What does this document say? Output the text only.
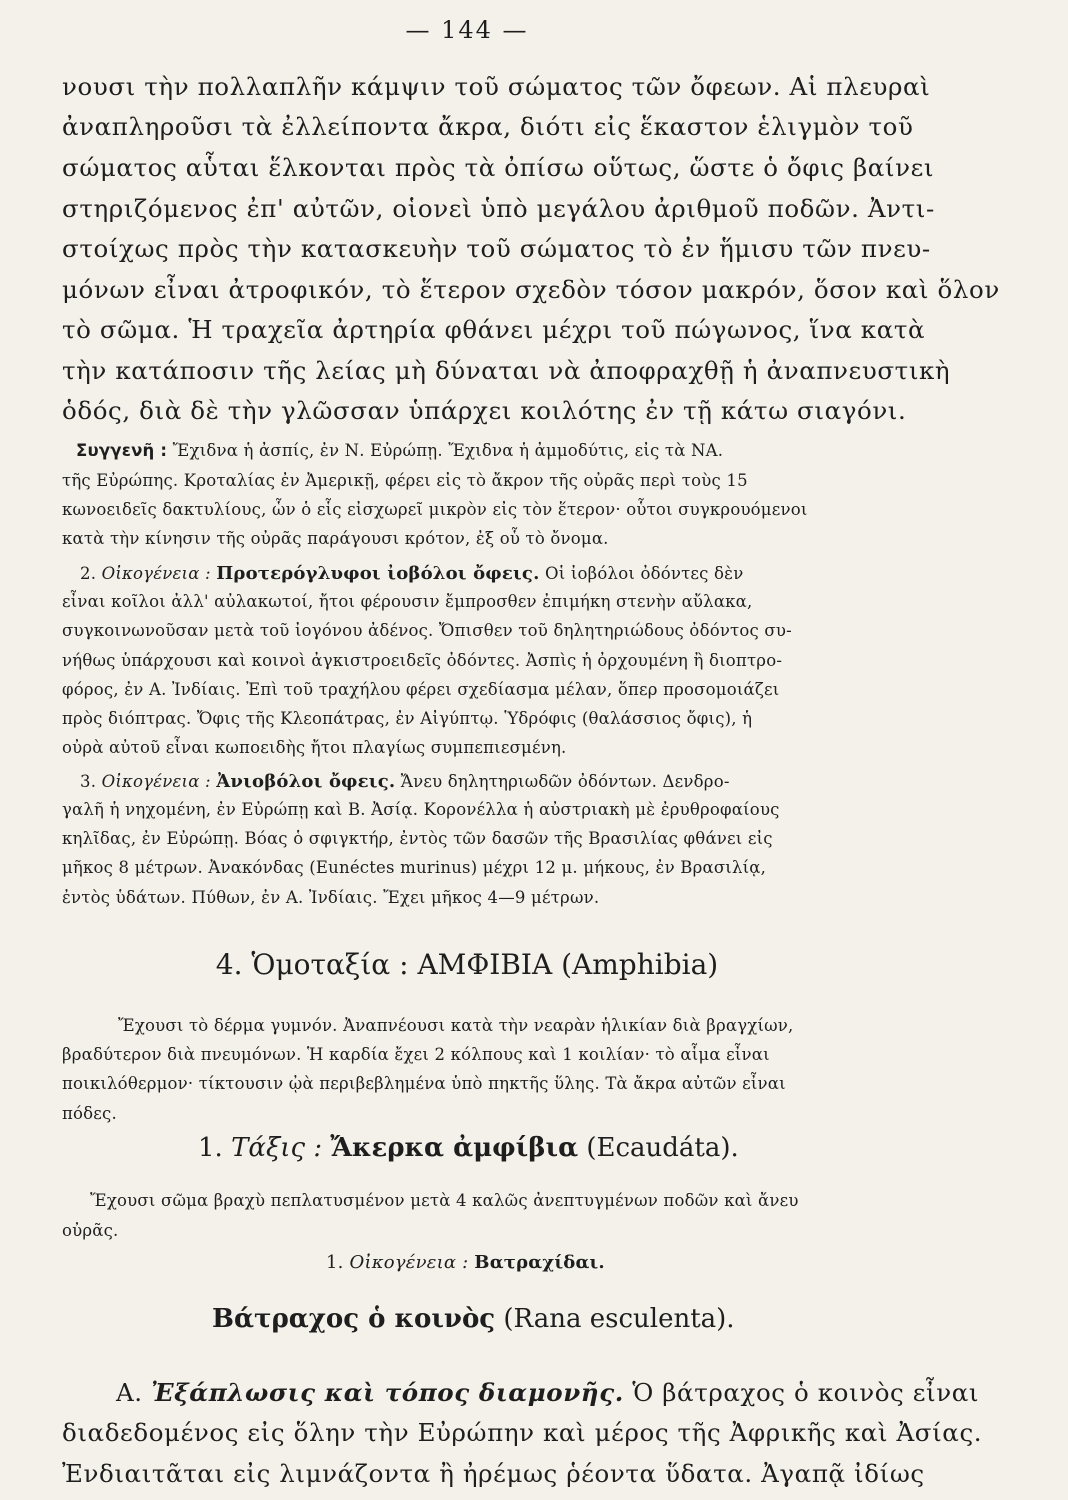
— 144 —
νουσι τὴν πολλαπλῆν κάμψιν τοῦ σώματος τῶν ὄφεων. Αἱ πλευραὶ
ἀναπληροῦσι τὰ ἐλλείποντα ἄκρα, διότι εἰς ἕκαστον ἑλιγμὸν τοῦ
σώματος αὗται ἕλκονται πρὸς τὰ ὀπίσω οὕτως, ὥστε ὁ ὄφις βαίνει
στηριζόμενος ἐπ' αὐτῶν, οἱονεὶ ὑπὸ μεγάλου ἀριθμοῦ ποδῶν. Ἀντι-
στοίχως πρὸς τὴν κατασκευὴν τοῦ σώματος τὸ ἐν ἥμισυ τῶν πνευ-
μόνων εἶναι ἀτροφικόν, τὸ ἕτερον σχεδὸν τόσον μακρόν, ὅσον καὶ ὅλον
τὸ σῶμα. Ἡ τραχεῖα ἀρτηρία φθάνει μέχρι τοῦ πώγωνος, ἵνα κατὰ
τὴν κατάποσιν τῆς λείας μὴ δύναται νὰ ἀποφραχθῇ ἡ ἀναπνευστικὴ
ὁδός, διὰ δὲ τὴν γλῶσσαν ὑπάρχει κοιλότης ἐν τῇ κάτω σιαγόνι.
Συγγενῆ : Ἔχιδνα ἡ ἀσπίς, ἐν Ν. Εὐρώπῃ. Ἔχιδνα ἡ ἀμμοδύτις, εἰς τὰ ΝΑ.
τῆς Εὐρώπης. Κροταλίας ἐν Ἀμερικῇ, φέρει εἰς τὸ ἄκρον τῆς οὐρᾶς περὶ τοὺς 15
κωνοειδεῖς δακτυλίους, ὧν ὁ εἷς εἰσχωρεῖ μικρὸν εἰς τὸν ἕτερον· οὗτοι συγκρουόμενοι
κατὰ τὴν κίνησιν τῆς οὐρᾶς παράγουσι κρότον, ἐξ οὗ τὸ ὄνομα.
2. Οἰκογένεια : Προτερόγλυφοι ἰοβόλοι ὄφεις. Οἱ ἰοβόλοι ὀδόντες δὲν
εἶναι κοῖλοι ἀλλ' αὐλακωτοί, ἤτοι φέρουσιν ἔμπροσθεν ἐπιμήκη στενὴν αὔλακα,
συγκοινωνοῦσαν μετὰ τοῦ ἰογόνου ἀδένος. Ὄπισθεν τοῦ δηλητηριώδους ὀδόντος συ-
νήθως ὑπάρχουσι καὶ κοινοὶ ἀγκιστροειδεῖς ὀδόντες. Ἀσπὶς ἡ ὀρχουμένη ἢ διοπτρο-
φόρος, ἐν Α. Ἰνδίαις. Ἐπὶ τοῦ τραχήλου φέρει σχεδίασμα μέλαν, ὅπερ προσομοιάζει
πρὸς διόπτρας. Ὄφις τῆς Κλεοπάτρας, ἐν Αἰγύπτῳ. Ὑδρόφις (θαλάσσιος ὄφις), ἡ
οὐρὰ αὐτοῦ εἶναι κωποειδὴς ἤτοι πλαγίως συμπεπιεσμένη.
3. Οἰκογένεια : Ἀνιοβόλοι ὄφεις. Ἄνευ δηλητηριωδῶν ὀδόντων. Δενδρο-
γαλῆ ἡ νηχομένη, ἐν Εὐρώπῃ καὶ Β. Ἀσίᾳ. Κορονέλλα ἡ αὐστριακὴ μὲ ἐρυθροφαίους
κηλῖδας, ἐν Εὐρώπῃ. Βόας ὁ σφιγκτήρ, ἐντὸς τῶν δασῶν τῆς Βρασιλίας φθάνει εἰς
μῆκος 8 μέτρων. Ἀνακόνδας (Eunéctes murinus) μέχρι 12 μ. μήκους, ἐν Βρασιλίᾳ,
ἐντὸς ὑδάτων. Πύθων, ἐν Α. Ἰνδίαις. Ἔχει μῆκος 4—9 μέτρων.
4. Ὁμοταξία : ΑΜΦΙΒΙΑ (Amphibia)
Ἔχουσι τὸ δέρμα γυμνόν. Ἀναπνέουσι κατὰ τὴν νεαρὰν ἡλικίαν διὰ βραγχίων,
βραδύτερον διὰ πνευμόνων. Ἡ καρδία ἔχει 2 κόλπους καὶ 1 κοιλίαν· τὸ αἷμα εἶναι
ποικιλόθερμον· τίκτουσιν ᾠὰ περιβεβλημένα ὑπὸ πηκτῆς ὕλης. Τὰ ἄκρα αὐτῶν εἶναι
πόδες.
1. Τάξις : Ἄκερκα ἀμφίβια (Ecaudáta).
Ἔχουσι σῶμα βραχὺ πεπλατυσμένον μετὰ 4 καλῶς ἀνεπτυγμένων ποδῶν καὶ ἄνευ
οὐρᾶς.
1. Οἰκογένεια : Βατραχίδαι.
Βάτραχος ὁ κοινὸς (Rana esculenta).
Α. Ἐξάπλωσις καὶ τόπος διαμονῆς. Ὁ βάτραχος ὁ κοινὸς εἶναι
διαδεδομένος εἰς ὅλην τὴν Εὐρώπην καὶ μέρος τῆς Ἀφρικῆς καὶ Ἀσίας.
Ἐνδιαιτᾶται εἰς λιμνάζοντα ἢ ἠρέμως ῥέοντα ὕδατα. Ἀγαπᾷ ἰδίως
